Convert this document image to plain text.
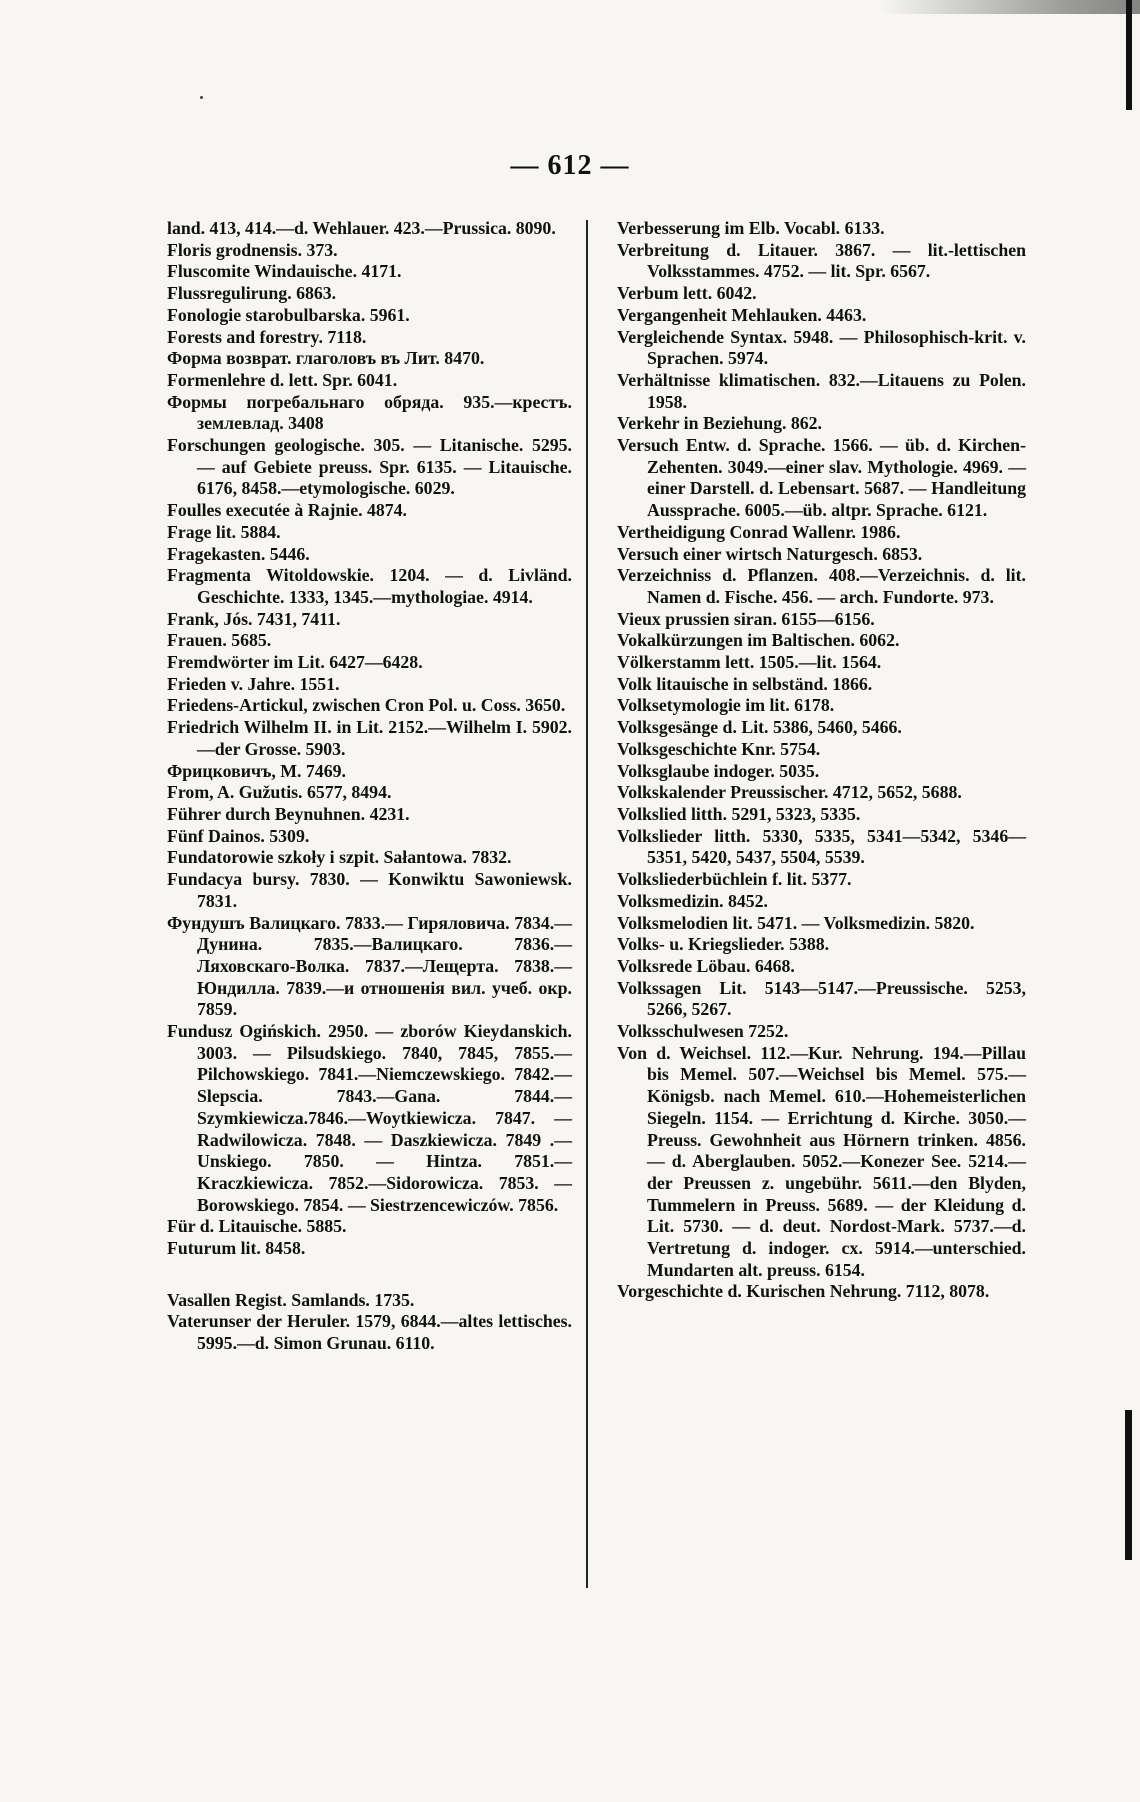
— 612 —

land. 413, 414.—d. Wehlauer. 423.—Prussica. 8090.

Floris grodnensis. 373.

Fluscomite Windauische. 4171.

Flussregulirung. 6863.

Fonologie starobulbarska. 5961.

Forests and forestry. 7118.

Форма возврат. глаголовъ въ Лит. 8470.

Formenlehre d. lett. Spr. 6041.

Формы погребальнаго обряда. 935.—крестъ. землевлад. 3408

Forschungen geologische. 305. — Litanische. 5295. — auf Gebiete preuss. Spr. 6135. — Litauische. 6176, 8458.—etymologische. 6029.

Foulles executée à Rajnie. 4874.

Frage lit. 5884.

Fragekasten. 5446.

Fragmenta Witoldowskie. 1204. — d. Livländ. Geschichte. 1333, 1345.—mythologiae. 4914.

Frank, Jós. 7431, 7411.

Frauen. 5685.

Fremdwörter im Lit. 6427—6428.

Frieden v. Jahre. 1551.

Friedens-Artickul, zwischen Cron Pol. u. Coss. 3650.

Friedrich Wilhelm II. in Lit. 2152.—Wilhelm I. 5902.—der Grosse. 5903.

Фрицковичъ, М. 7469.

From, A. Gužutis. 6577, 8494.

Führer durch Beynuhnen. 4231.

Fünf Dainos. 5309.

Fundatorowie szkoły i szpit. Sałantowa. 7832.

Fundacya bursy. 7830. — Konwiktu Sawoniewsk. 7831.

Фундушъ Валицкаго. 7833.— Гиряловича. 7834.—Дунина. 7835.—Валицкаго. 7836.—Ляховскаго-Волка. 7837.—Лещерта. 7838.—Юндилла. 7839.—и отношенія вил. учеб. окр. 7859.

Fundusz Ogińskich. 2950. — zborów Kieydanskich. 3003. — Pilsudskiego. 7840, 7845, 7855.—Pilchowskiego. 7841.—Niemczewskiego. 7842.—Slepscia. 7843.—Gana. 7844.—Szymkiewicza.7846.—Woytkiewicza. 7847. — Radwilowicza. 7848. — Daszkiewicza. 7849 .— Unskiego. 7850. — Hintza. 7851.— Kraczkiewicza. 7852.—Sidorowicza. 7853. — Borowskiego. 7854. — Siestrzencewiczów. 7856.

Für d. Litauische. 5885.

Futurum lit. 8458.

Vasallen Regist. Samlands. 1735.

Vaterunser der Heruler. 1579, 6844.—altes lettisches. 5995.—d. Simon Grunau. 6110.

Verbesserung im Elb. Vocabl. 6133.

Verbreitung d. Litauer. 3867. — lit.-lettischen Volksstammes. 4752. — lit. Spr. 6567.

Verbum lett. 6042.

Vergangenheit Mehlauken. 4463.

Vergleichende Syntax. 5948. — Philosophisch-krit. v. Sprachen. 5974.

Verhältnisse klimatischen. 832.—Litauens zu Polen. 1958.

Verkehr in Beziehung. 862.

Versuch Entw. d. Sprache. 1566. — üb. d. Kirchen-Zehenten. 3049.—einer slav. Mythologie. 4969. — einer Darstell. d. Lebensart. 5687. — Handleitung Aussprache. 6005.—üb. altpr. Sprache. 6121.

Vertheidigung Conrad Wallenr. 1986.

Versuch einer wirtsch Naturgesch. 6853.

Verzeichniss d. Pflanzen. 408.—Verzeichnis. d. lit. Namen d. Fische. 456. — arch. Fundorte. 973.

Vieux prussien siran. 6155—6156.

Vokalkürzungen im Baltischen. 6062.

Völkerstamm lett. 1505.—lit. 1564.

Volk litauische in selbständ. 1866.

Volksetymologie im lit. 6178.

Volksgesänge d. Lit. 5386, 5460, 5466.

Volksgeschichte Knr. 5754.

Volksglaube indoger. 5035.

Volkskalender Preussischer. 4712, 5652, 5688.

Volkslied litth. 5291, 5323, 5335.

Volkslieder litth. 5330, 5335, 5341—5342, 5346—5351, 5420, 5437, 5504, 5539.

Volksliederbüchlein f. lit. 5377.

Volksmedizin. 8452.

Volksmelodien lit. 5471. — Volksmedizin. 5820.

Volks- u. Kriegslieder. 5388.

Volksrede Löbau. 6468.

Volkssagen Lit. 5143—5147.—Preussische. 5253, 5266, 5267.

Volksschulwesen 7252.

Von d. Weichsel. 112.—Kur. Nehrung. 194.—Pillau bis Memel. 507.—Weichsel bis Memel. 575.—Königsb. nach Memel. 610.—Hohemeisterlichen Siegeln. 1154. — Errichtung d. Kirche. 3050.—Preuss. Gewohnheit aus Hörnern trinken. 4856. — d. Aberglauben. 5052.—Konezer See. 5214.—der Preussen z. ungebühr. 5611.—den Blyden, Tummelern in Preuss. 5689. — der Kleidung d. Lit. 5730. — d. deut. Nordost-Mark. 5737.—d. Vertretung d. indoger. cx. 5914.—unterschied. Mundarten alt. preuss. 6154.

Vorgeschichte d. Kurischen Nehrung. 7112, 8078.
